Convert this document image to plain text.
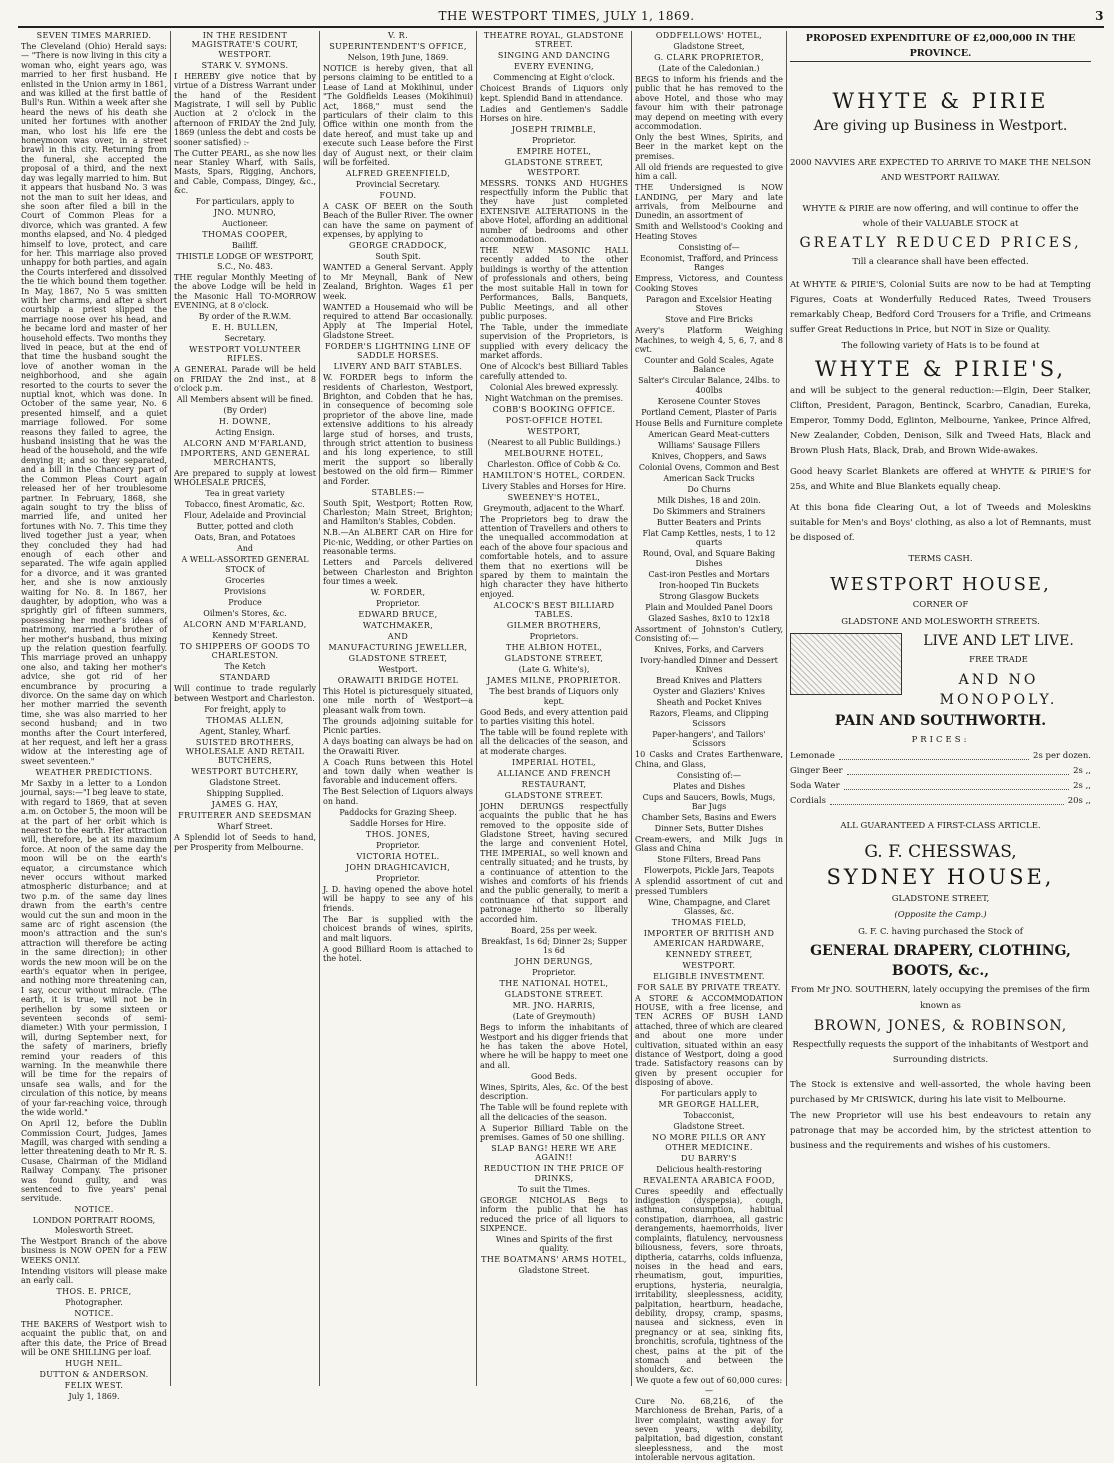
THE WESTPORT TIMES, JULY 1, 1869.	3

SEVEN TIMES MARRIED.

The Cleveland (Ohio) Herald says:— "There is now living in this city a woman who, eight years ago, was married to her first husband. He enlisted in the Union army in 1861, and was killed at the first battle of Bull's Run. Within a week after she heard the news of his death she united her fortunes with another man, who lost his life ere the honeymoon was over, in a street brawl in this city. Returning from the funeral, she accepted the proposal of a third, and the next day was legally married to him. But it appears that husband No. 3 was not the man to suit her ideas, and she soon after filed a bill in the Court of Common Pleas for a divorce, which was granted. A few months elapsed, and No. 4 pledged himself to love, protect, and care for her. This marriage also proved unhappy for both parties, and again the Courts interfered and dissolved the tie which bound them together. In May, 1867, No 5 was smitten with her charms, and after a short courtship a priest slipped the marriage noose over his head, and he became lord and master of her household effects. Two months they lived in peace, but at the end of that time the husband sought the love of another woman in the neighborhood, and she again resorted to the courts to sever the nuptial knot, which was done. In October of the same year, No. 6 presented himself, and a quiet marriage followed. For some reasons they failed to agree, the husband insisting that he was the head of the household, and the wife denying it; and so they separated, and a bill in the Chancery part of the Common Pleas Court again released her of her troublesome partner. In February, 1868, she again sought to try the bliss of married life, and united her fortunes with No. 7. This time they lived together just a year, when they concluded they had had enough of each other and separated. The wife again applied for a divorce, and it was granted her, and she is now anxiously waiting for No. 8. In 1867, her daughter, by adoption, who was a sprightly girl of fifteen summers, possessing her mother's ideas of matrimony, married a brother of her mother's husband, thus mixing up the relation question fearfully. This marriage proved an unhappy one also, and taking her mother's advice, she got rid of her encumbrance by procuring a divorce. On the same day on which her mother married the seventh time, she was also married to her second husband; and in two months after the Court interfered, at her request, and left her a grass widow at the interesting age of sweet seventeen."

WEATHER PREDICTIONS.

Mr Saxby in a letter to a London journal, says:—"I beg leave to state, with regard to 1869, that at seven a.m. on October 5, the moon will be at the part of her orbit which is nearest to the earth. Her attraction will, therefore, be at its maximum force. At noon of the same day the moon will be on the earth's equator, a circumstance which never occurs without marked atmospheric disturbance; and at two p.m. of the same day lines drawn from the earth's centre would cut the sun and moon in the same arc of right ascension (the moon's attraction and the sun's attraction will therefore be acting in the same direction); in other words the new moon will be on the earth's equator when in perigee, and nothing more threatening can, I say, occur without miracle. (The earth, it is true, will not be in perihelion by some sixteen or seventeen seconds of semi-diameter.) With your permission, I will, during September next, for the safety of mariners, briefly remind your readers of this warning. In the meanwhile there will be time for the repairs of unsafe sea walls, and for the circulation of this notice, by means of your far-reaching voice, through the wide world."

On April 12, before the Dublin Commission Court, Judges, James Magill, was charged with sending a letter threatening death to Mr R. S. Cusase, Chairman of the Midland Railway Company. The prisoner was found guilty, and was sentenced to five years' penal servitude.

NOTICE.

LONDON PORTRAIT ROOMS, Molesworth Street.

The Westport Branch of the above business is NOW OPEN for a FEW WEEKS ONLY.

Intending visitors will please make an early call.

THOS. E. PRICE,

Photographer.

NOTICE.

THE BAKERS of Westport wish to acquaint the public that, on and after this date, the Price of Bread will be ONE SHILLING per loaf.

HUGH NEIL.

DUTTON & ANDERSON.

FELIX WEST.

July 1, 1869.

IN THE RESIDENT MAGISTRATE'S COURT, WESTPORT.

STARK V. SYMONS.

I HEREBY give notice that by virtue of a Distress Warrant under the hand of the Resident Magistrate, I will sell by Public Auction at 2 o'clock in the afternoon of FRIDAY the 2nd July, 1869 (unless the debt and costs be sooner satisfied) :-

The Cutter PEARL, as she now lies near Stanley Wharf, with Sails, Masts, Spars, Rigging, Anchors, and Cable, Compass, Dingey, &c., &c.

For particulars, apply to

JNO. MUNRO,

Auctioneer.

THOMAS COOPER,

Bailiff.

THISTLE LODGE OF WESTPORT, S.C., No. 483.

THE regular Monthly Meeting of the above Lodge will be held in the Masonic Hall TO-MORROW EVENING, at 8 o'clock.

By order of the R.W.M.

E. H. BULLEN,

Secretary.

WESTPORT VOLUNTEER RIFLES.

A GENERAL Parade will be held on FRIDAY the 2nd inst., at 8 o'clock p.m.

All Members absent will be fined.

(By Order)

H. DOWNE,

Acting Ensign.

ALCORN AND M'FARLAND, IMPORTERS, AND GENERAL MERCHANTS,

Are prepared to supply at lowest WHOLESALE PRICES,

Tea in great variety

Tobacco, finest Aromatic, &c.

Flour, Adelaide and Provincial

Butter, potted and cloth

Oats, Bran, and Potatoes

And

A WELL-ASSORTED GENERAL STOCK of

Groceries

Provisions

Produce

Oilmen's Stores, &c.

ALCORN AND M'FARLAND,

Kennedy Street.

TO SHIPPERS OF GOODS TO CHARLESTON.

The Ketch

STANDARD

Will continue to trade regularly between Westport and Charleston.

For freight, apply to

THOMAS ALLEN,

Agent, Stanley, Wharf.

SUISTED BROTHERS, WHOLESALE AND RETAIL BUTCHERS,

WESTPORT BUTCHERY,

Gladstone Street.

Shipping Supplied.

JAMES G. HAY,

FRUITERER AND SEEDSMAN

Wharf Street.

A Splendid lot of Seeds to hand, per Prosperity from Melbourne.

V. R.

SUPERINTENDENT'S OFFICE,

Nelson, 19th June, 1869.

NOTICE is hereby given, that all persons claiming to be entitled to a Lease of Land at Mokihinui, under "The Goldfields Leases (Mokihinui) Act, 1868," must send the particulars of their claim to this Office within one month from the date hereof, and must take up and execute such Lease before the First day of August next, or their claim will be forfeited.

ALFRED GREENFIELD,

Provincial Secretary.

FOUND.

A CASK OF BEER on the South Beach of the Buller River. The owner can have the same on payment of expenses, by applying to

GEORGE CRADDOCK,

South Spit.

WANTED a General Servant. Apply to Mr Meynall, Bank of New Zealand, Brighton. Wages £1 per week.

WANTED a Housemaid who will be required to attend Bar occasionally. Apply at The Imperial Hotel, Gladstone Street.

FORDER'S LIGHTNING LINE OF SADDLE HORSES.

LIVERY AND BAIT STABLES.

W. FORDER begs to inform the residents of Charleston, Westport, Brighton, and Cobden that he has, in consequence of becoming sole proprietor of the above line, made extensive additions to his already large stud of horses, and trusts, through strict attention to business and his long experience, to still merit the support so liberally bestowed on the old firm— Rimmer and Forder.

STABLES:—

South Spit, Westport; Rotten Row, Charleston; Main Street, Brighton; and Hamilton's Stables, Cobden.

N.B.—An ALBERT CAR on Hire for Pic-nic, Wedding, or other Parties on reasonable terms.

Letters and Parcels delivered between Charleston and Brighton four times a week.

W. FORDER,

Proprietor.

EDWARD BRUCE,

WATCHMAKER,

AND

MANUFACTURING JEWELLER,

GLADSTONE STREET,

Westport.

ORAWAITI BRIDGE HOTEL

This Hotel is picturesquely situated, one mile north of Westport—a pleasant walk from town.

The grounds adjoining suitable for Picnic parties.

A days boating can always be had on the Orawaiti River.

A Coach Runs between this Hotel and town daily when weather is favorable and inducement offers.

The Best Selection of Liquors always on hand.

Paddocks for Grazing Sheep.

Saddle Horses for Hire.

THOS. JONES,

Proprietor.

VICTORIA HOTEL.

JOHN DRAGHICAVICH,

Proprietor.

J. D. having opened the above hotel will be happy to see any of his friends.

The Bar is supplied with the choicest brands of wines, spirits, and malt liquors.

A good Billiard Room is attached to the hotel.

THEATRE ROYAL, GLADSTONE STREET.

SINGING AND DANCING

EVERY EVENING,

Commencing at Eight o'clock.

Choicest Brands of Liquors only kept. Splendid Band in attendance.

Ladies and Gentlemen's Saddle Horses on hire.

JOSEPH TRIMBLE,

Proprietor.

EMPIRE HOTEL,

GLADSTONE STREET, WESTPORT.

MESSRS. TONKS AND HUGHES respectfully inform the Public that they have just completed EXTENSIVE ALTERATIONS in the above Hotel, affording an additional number of bedrooms and other accommodation.

THE NEW MASONIC HALL recently added to the other buildings is worthy of the attention of professionals and others, being the most suitable Hall in town for Performances, Balls, Banquets, Public Meetings, and all other public purposes.

The Table, under the immediate supervision of the Proprietors, is supplied with every delicacy the market affords.

One of Alcock's best Billiard Tables carefully attended to.

Colonial Ales brewed expressly.

Night Watchman on the premises.

COBB'S BOOKING OFFICE.

POST-OFFICE HOTEL

WESTPORT,

(Nearest to all Public Buildings.)

MELBOURNE HOTEL,

Charleston. Office of Cobb & Co.

HAMILTON'S HOTEL, CORDEN.

Livery Stables and Horses for Hire.

SWEENEY'S HOTEL,

Greymouth, adjacent to the Wharf.

The Proprietors beg to draw the attention of Travellers and others to the unequalled accommodation at each of the above four spacious and comfortable hotels, and to assure them that no exertions will be spared by them to maintain the high character they have hitherto enjoyed.

ALCOCK'S BEST BILLIARD TABLES.

GILMER BROTHERS,

Proprietors.

THE ALBION HOTEL,

GLADSTONE STREET,

(Late G. White's),

JAMES MILNE, PROPRIETOR.

The best brands of Liquors only kept.

Good Beds, and every attention paid to parties visiting this hotel.

The table will be found replete with all the delicacies of the season, and at moderate charges.

IMPERIAL HOTEL,

ALLIANCE AND FRENCH

RESTAURANT,

GLADSTONE STREET.

JOHN DERUNGS respectfully acquaints the public that he has removed to the opposite side of Gladstone Street, having secured the large and convenient Hotel, THE IMPERIAL, so well known and centrally situated; and he trusts, by a continuance of attention to the wishes and comforts of his friends and the public generally, to merit a continuance of that support and patronage hitherto so liberally accorded him.

Board, 25s per week.

Breakfast, 1s 6d; Dinner 2s; Supper 1s 6d

JOHN DERUNGS,

Proprietor.

THE NATIONAL HOTEL,

GLADSTONE STREET.

MR. JNO. HARRIS,

(Late of Greymouth)

Begs to inform the inhabitants of Westport and his digger friends that he has taken the above Hotel, where he will be happy to meet one and all.

Good Beds.

Wines, Spirits, Ales, &c. Of the best description.

The Table will be found replete with all the delicacies of the season.

A Superior Billiard Table on the premises. Games of 50 one shilling.

SLAP BANG! HERE WE ARE AGAIN!!

REDUCTION IN THE PRICE OF DRINKS,

To suit the Times.

GEORGE NICHOLAS Begs to inform the public that he has reduced the price of all liquors to SIXPENCE.

Wines and Spirits of the first quality.

THE BOATMANS' ARMS HOTEL,

Gladstone Street.

ODDFELLOWS' HOTEL,

Gladstone Street,

G. CLARK PROPRIETOR,

(Late of the Caledonian.)

BEGS to inform his friends and the public that he has removed to the above Hotel, and those who may favour him with their patronage may depend on meeting with every accommodation.

Only the best Wines, Spirits, and Beer in the market kept on the premises.

All old friends are requested to give him a call.

THE Undersigned is NOW LANDING, per Mary and late arrivals, from Melbourne and Dunedin, an assortment of

Smith and Wellstood's Cooking and Heating Stoves

Consisting of—

Economist, Trafford, and Princess Ranges

Empress, Victoress, and Countess Cooking Stoves

Paragon and Excelsior Heating Stoves

Stove and Fire Bricks

Avery's Platform Weighing Machines, to weigh 4, 5, 6, 7, and 8 cwt.

Counter and Gold Scales, Agate Balance

Salter's Circular Balance, 24lbs. to 400lbs

Kerosene Counter Stoves

Portland Cement, Plaster of Paris

House Bells and Furniture complete

American Geard Meat-cutters

Williams' Sausage Fillers

Knives, Choppers, and Saws

Colonial Ovens, Common and Best

American Sack Trucks

Do Churns

Milk Dishes, 18 and 20in.

Do Skimmers and Strainers

Butter Beaters and Prints

Flat Camp Kettles, nests, 1 to 12 quarts

Round, Oval, and Square Baking Dishes

Cast-iron Pestles and Mortars

Iron-hooped Tin Buckets

Strong Glasgow Buckets

Plain and Moulded Panel Doors

Glazed Sashes, 8x10 to 12x18

Assortment of Johnston's Cutlery, Consisting of:—

Knives, Forks, and Carvers

Ivory-handled Dinner and Dessert Knives

Bread Knives and Platters

Oyster and Glaziers' Knives

Sheath and Pocket Knives

Razors, Fleams, and Clipping Scissors

Paper-hangers', and Tailors' Scissors

10 Casks and Crates Earthenware, China, and Glass,

Consisting of:—

Plates and Dishes

Cups and Saucers, Bowls, Mugs, Bar Jugs

Chamber Sets, Basins and Ewers

Dinner Sets, Butter Dishes

Cream-ewers, and Milk Jugs in Glass and China

Stone Filters, Bread Pans

Flowerpots, Pickle Jars, Teapots

A splendid assortment of cut and pressed Tumblers

Wine, Champagne, and Claret Glasses, &c.

THOMAS FIELD,

IMPORTER OF BRITISH AND AMERICAN HARDWARE,

KENNEDY STREET,

WESTPORT.

ELIGIBLE INVESTMENT.

FOR SALE BY PRIVATE TREATY.

A STORE & ACCOMMODATION HOUSE, with a free license, and TEN ACRES OF BUSH LAND attached, three of which are cleared and about one more under cultivation, situated within an easy distance of Westport, doing a good trade. Satisfactory reasons can by given by present occupier for disposing of above.

For particulars apply to

MR GEORGE HALLER,

Tobacconist,

Gladstone Street.

NO MORE PILLS OR ANY OTHER MEDICINE.

DU BARRY'S

Delicious health-restoring

REVALENTA ARABICA FOOD,

Cures speedily and effectually indigestion (dyspepsia), cough, asthma, consumption, habitual constipation, diarrhoea, all gastric derangements, haemorrhoids, liver complaints, flatulency, nervousness biliousness, fevers, sore throats, diptheria, catarrhs, colds influenza, noises in the head and ears, rheumatism, gout, impurities, eruptions, hysteria, neuralgia, irritability, sleeplessness, acidity, palpitation, heartburn, headache, debility, dropsy, cramp, spasms, nausea and sickness, even in pregnancy or at sea, sinking fits, bronchitis, scrofula, tightness of the chest, pains at the pit of the stomach and between the shoulders, &c.

We quote a few out of 60,000 cures:—

Cure No. 68,216, of the Marchioness de Brehan, Paris, of a liver complaint, wasting away for seven years, with debility, palpitation, bad digestion, constant sleeplessness, and the most intolerable nervous agitation.

PROPOSED EXPENDITURE OF £2,000,000 IN THE PROVINCE.

WHYTE & PIRIE

Are giving up Business in Westport.

2000 NAVVIES ARE EXPECTED TO ARRIVE TO MAKE THE NELSON AND WESTPORT RAILWAY.

WHYTE & PIRIE are now offering, and will continue to offer the whole of their VALUABLE STOCK at

GREATLY REDUCED PRICES,

Till a clearance shall have been effected.

At WHYTE & PIRIE'S, Colonial Suits are now to be had at Tempting Figures, Coats at Wonderfully Reduced Rates, Tweed Trousers remarkably Cheap, Bedford Cord Trousers for a Trifle, and Crimeans suffer Great Reductions in Price, but NOT in Size or Quality.

The following variety of Hats is to be found at

WHYTE & PIRIE'S,

and will be subject to the general reduction:—Elgin, Deer Stalker, Clifton, President, Paragon, Bentinck, Scarbro, Canadian, Eureka, Emperor, Tommy Dodd, Eglinton, Melbourne, Yankee, Prince Alfred, New Zealander, Cobden, Denison, Silk and Tweed Hats, Black and Brown Plush Hats, Black, Drab, and Brown Wide-awakes.

Good heavy Scarlet Blankets are offered at WHYTE & PIRIE'S for 25s, and White and Blue Blankets equally cheap.

At this bona fide Clearing Out, a lot of Tweeds and Moleskins suitable for Men's and Boys' clothing, as also a lot of Remnants, must be disposed of.

TERMS CASH.

WESTPORT HOUSE,

CORNER OF

GLADSTONE AND MOLESWORTH STREETS.

LIVE AND LET LIVE.

FREE TRADE

AND NO MONOPOLY.

PAIN AND SOUTHWORTH.

PRICES:

Lemonade	2s per dozen.
Ginger Beer	2s ,,
Soda Water	2s ,,
Cordials	20s ,,

ALL GUARANTEED A FIRST-CLASS ARTICLE.

G. F. CHESSWAS,

SYDNEY HOUSE,

GLADSTONE STREET,

(Opposite the Camp.)

G. F. C. having purchased the Stock of

GENERAL DRAPERY, CLOTHING, BOOTS, &c.,

From Mr JNO. SOUTHERN, lately occupying the premises of the firm

known as

BROWN, JONES, & ROBINSON,

Respectfully requests the support of the inhabitants of Westport and Surrounding districts.

The Stock is extensive and well-assorted, the whole having been purchased by Mr CRISWICK, during his late visit to Melbourne.

The new Proprietor will use his best endeavours to retain any patronage that may be accorded him, by the strictest attention to business and the requirements and wishes of his customers.
